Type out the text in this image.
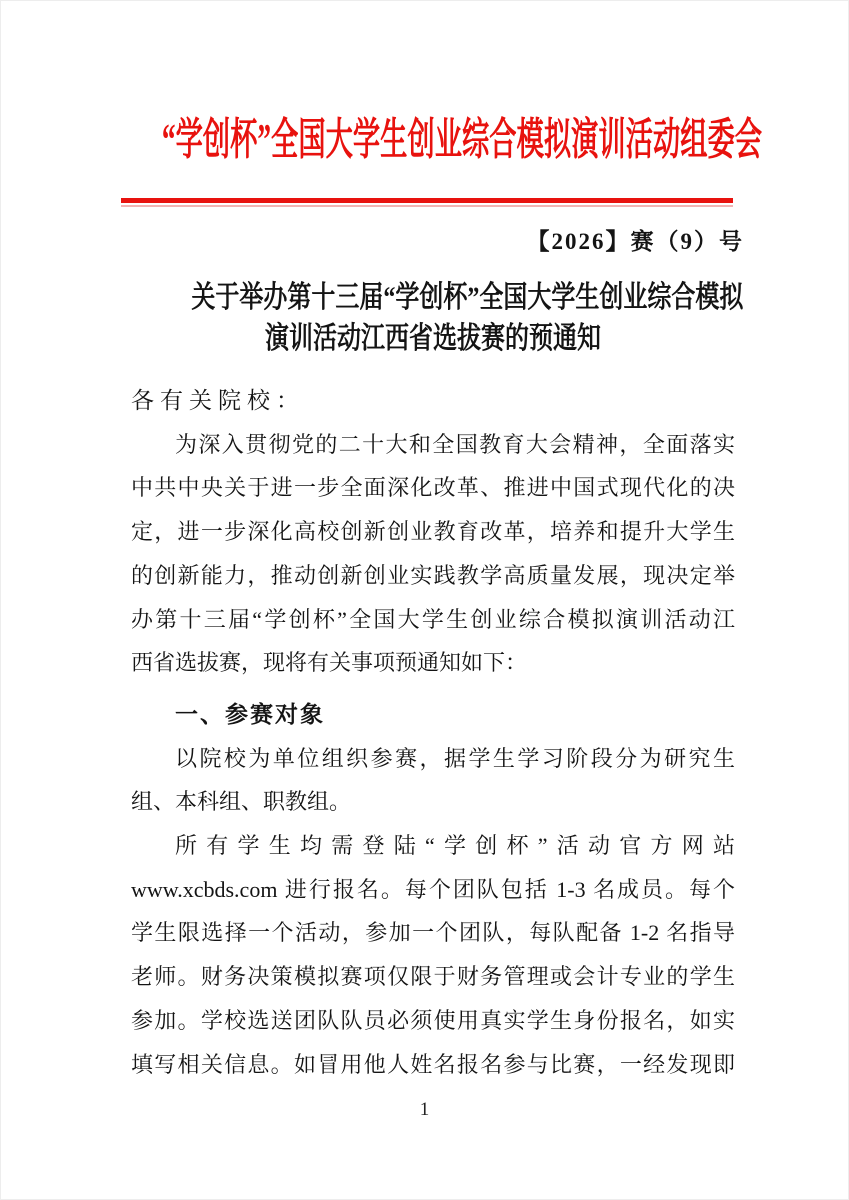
“学创杯”全国大学生创业综合模拟演训活动组委会
【2026】赛（9）号
关于举办第十三届“学创杯”全国大学生创业综合模拟
演训活动江西省选拔赛的预通知
各有关院校：
为深入贯彻党的二十大和全国教育大会精神，全面落实
中共中央关于进一步全面深化改革、推进中国式现代化的决
定，进一步深化高校创新创业教育改革，培养和提升大学生
的创新能力，推动创新创业实践教学高质量发展，现决定举
办第十三届“学创杯”全国大学生创业综合模拟演训活动江
西省选拔赛，现将有关事项预通知如下：
一、参赛对象
以院校为单位组织参赛，据学生学习阶段分为研究生
组、本科组、职教组。
所有学生均需登陆“学创杯”活动官方网站
www.xcbds.com 进行报名。每个团队包括 1-3 名成员。每个
学生限选择一个活动，参加一个团队，每队配备 1-2 名指导
老师。财务决策模拟赛项仅限于财务管理或会计专业的学生
参加。学校选送团队队员必须使用真实学生身份报名，如实
填写相关信息。如冒用他人姓名报名参与比赛，一经发现即
1
